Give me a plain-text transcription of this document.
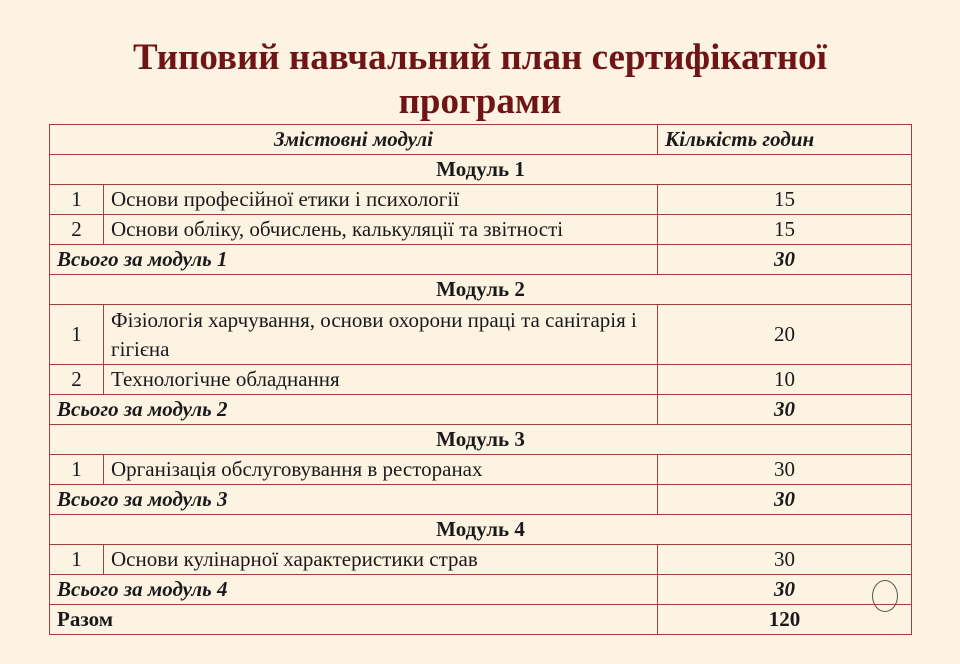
Типовий навчальний план сертифікатної
програми
Змістовні модулі		Кількість годин
Модуль 1		
1	Основи професійної етики і психології	15
2	Основи обліку, обчислень, калькуляції та звітності	15
Всього за модуль 1		30
Модуль 2		
1	Фізіологія харчування, основи охорони праці та санітарія і гігієна	20
2	Технологічне обладнання	10
Всього за модуль 2		30
Модуль 3		
1	Організація обслуговування в ресторанах	30
Всього за модуль 3		30
Модуль 4		
1	Основи кулінарної характеристики страв	30
Всього за модуль 4		30
Разом		120
